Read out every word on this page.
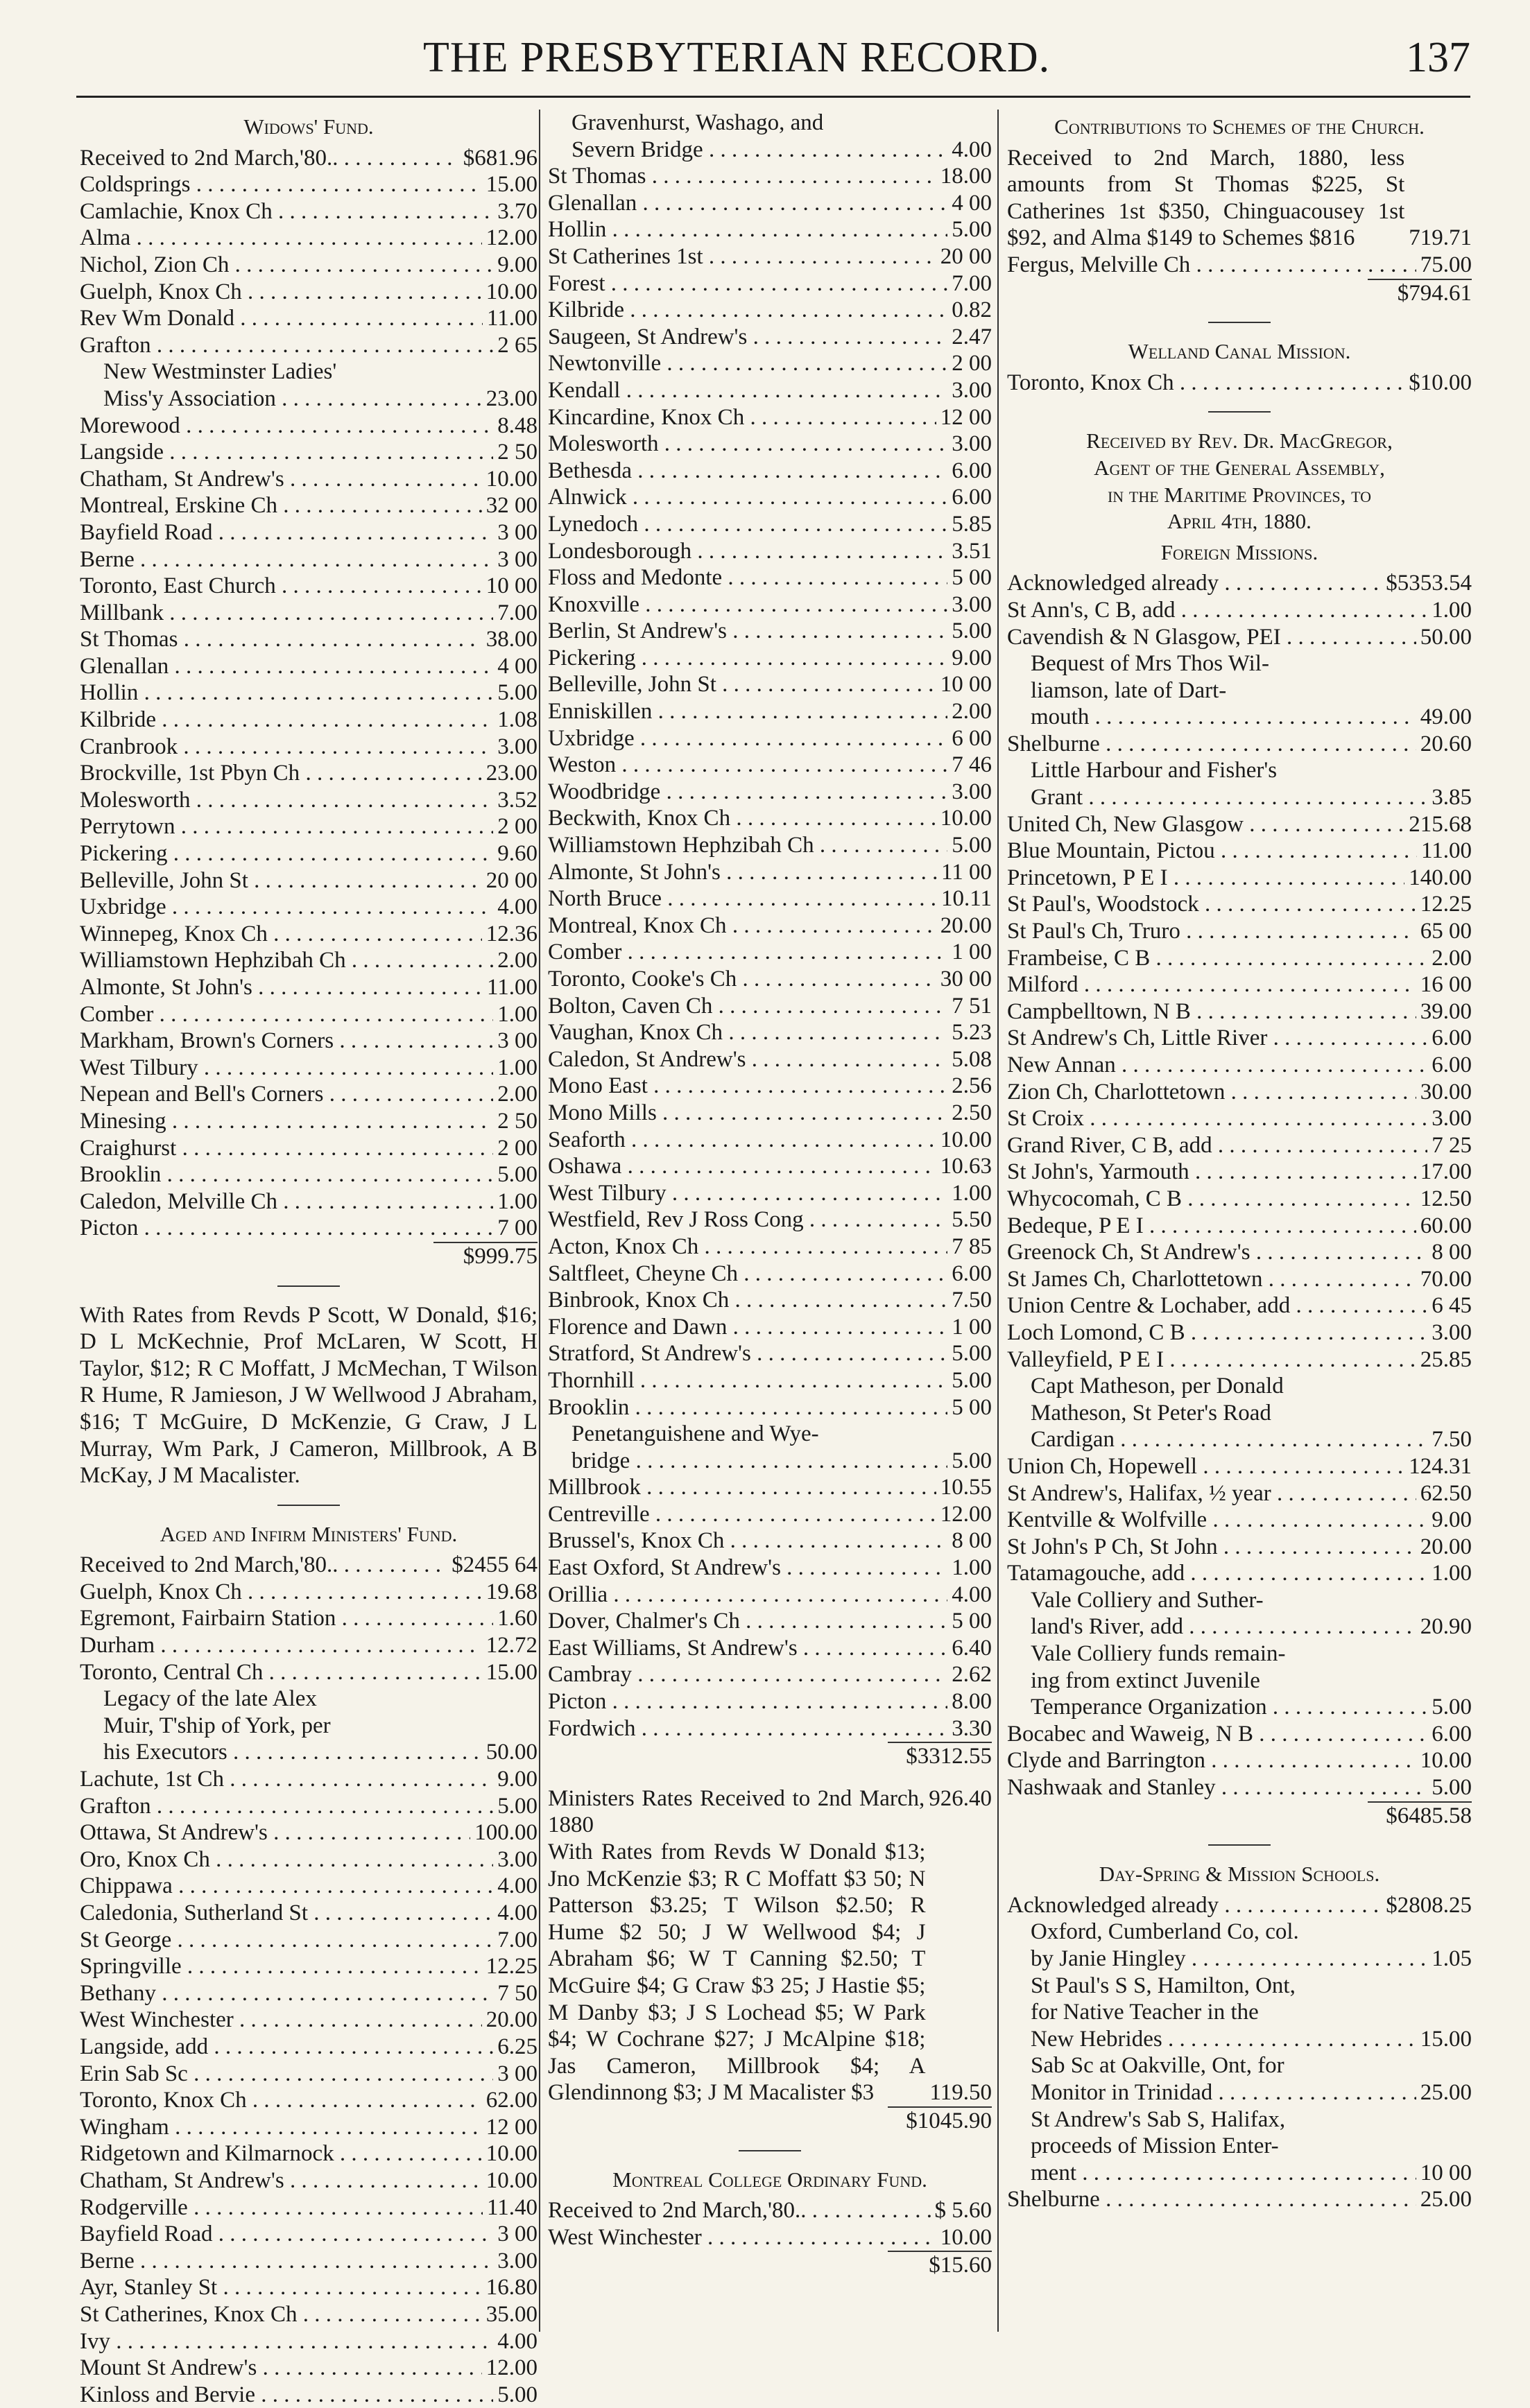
THE PRESBYTERIAN RECORD.	137
Widows' Fund.
Received to 2nd March,'80.. . . .	$681.96
Coldsprings . . .	15.00
Camlachie, Knox Ch . . .	3.70
Alma . . .	12.00
Nichol, Zion Ch . . .	9.00
Guelph, Knox Ch . . .	10.00
Rev Wm Donald . . .	11.00
Grafton . . .	2 65
New Westminster Ladies'
Miss'y Association . . .	23.00
Morewood . . .	8.48
Langside . . .	2 50
Chatham, St Andrew's . . .	10.00
Montreal, Erskine Ch . . .	32 00
Bayfield Road . . .	3 00
Berne . . .	3 00
Toronto, East Church . . .	10 00
Millbank . . .	7.00
St Thomas . . .	38.00
Glenallan . . .	4 00
Hollin . . .	5.00
Kilbride . . .	1.08
Cranbrook . . .	3.00
Brockville, 1st Pbyn Ch . . .	23.00
Molesworth . . .	3.52
Perrytown . . .	2 00
Pickering . . .	9.60
Belleville, John St . . .	20 00
Uxbridge . . .	4.00
Winnepeg, Knox Ch . . .	12.36
Williamstown Hephzibah Ch . . .	2.00
Almonte, St John's . . .	11.00
Comber . . .	1.00
Markham, Brown's Corners . . .	3 00
West Tilbury . . .	1.00
Nepean and Bell's Corners . . .	2.00
Minesing . . .	2 50
Craighurst . . .	2 00
Brooklin . . .	5.00
Caledon, Melville Ch . . .	1.00
Picton . . .	7 00
$999.75
With Rates from Revds P Scott, W Donald, $16; D L McKechnie, Prof McLaren, W Scott, H Taylor, $12; R C Moffatt, J McMechan, T Wilson R Hume, R Jamieson, J W Wellwood J Abraham, $16; T McGuire, D McKenzie, G Craw, J L Murray, Wm Park, J Cameron, Millbrook, A B McKay, J M Macalister.
Aged and Infirm Ministers' Fund.
Received to 2nd March,'80.. . . .	$2455 64
Guelph, Knox Ch . . .	19.68
Egremont, Fairbairn Station . . .	1.60
Durham . . .	12.72
Toronto, Central Ch . . .	15.00
Legacy of the late Alex
Muir, T'ship of York, per
his Executors . . .	50.00
Lachute, 1st Ch . . .	9.00
Grafton . . .	5.00
Ottawa, St Andrew's . . .	100.00
Oro, Knox Ch . . .	3.00
Chippawa . . .	4.00
Caledonia, Sutherland St . . .	4.00
St George . . .	7.00
Springville . . .	12.25
Bethany . . .	7 50
West Winchester . . .	20.00
Langside, add . . .	6.25
Erin Sab Sc . . .	3 00
Toronto, Knox Ch . . .	62.00
Wingham . . .	12 00
Ridgetown and Kilmarnock . . .	10.00
Chatham, St Andrew's . . .	10.00
Rodgerville . . .	11.40
Bayfield Road . . .	3 00
Berne . . .	3.00
Ayr, Stanley St . . .	16.80
St Catherines, Knox Ch . . .	35.00
Ivy . . .	4.00
Mount St Andrew's . . .	12.00
Kinloss and Bervie . . .	5.00
Gravenhurst, Washago, and
Severn Bridge . . .	4.00
St Thomas . . .	18.00
Glenallan . . .	4 00
Hollin . . .	5.00
St Catherines 1st . . .	20 00
Forest . . .	7.00
Kilbride . . .	0.82
Saugeen, St Andrew's . . .	2.47
Newtonville . . .	2 00
Kendall . . .	3.00
Kincardine, Knox Ch . . .	12 00
Molesworth . . .	3.00
Bethesda . . .	6.00
Alnwick . . .	6.00
Lynedoch . . .	5.85
Londesborough . . .	3.51
Floss and Medonte . . .	5 00
Knoxville . . .	3.00
Berlin, St Andrew's . . .	5.00
Pickering . . .	9.00
Belleville, John St . . .	10 00
Enniskillen . . .	2.00
Uxbridge . . .	6 00
Weston . . .	7 46
Woodbridge . . .	3.00
Beckwith, Knox Ch . . .	10.00
Williamstown Hephzibah Ch . . .	5.00
Almonte, St John's . . .	11 00
North Bruce . . .	10.11
Montreal, Knox Ch . . .	20.00
Comber . . .	1 00
Toronto, Cooke's Ch . . .	30 00
Bolton, Caven Ch . . .	7 51
Vaughan, Knox Ch . . .	5.23
Caledon, St Andrew's . . .	5.08
Mono East . . .	2.56
Mono Mills . . .	2.50
Seaforth . . .	10.00
Oshawa . . .	10.63
West Tilbury . . .	1.00
Westfield, Rev J Ross Cong . . .	5.50
Acton, Knox Ch . . .	7 85
Saltfleet, Cheyne Ch . . .	6.00
Binbrook, Knox Ch . . .	7.50
Florence and Dawn . . .	1 00
Stratford, St Andrew's . . .	5.00
Thornhill . . .	5.00
Brooklin . . .	5 00
Penetanguishene and Wye-
bridge . . .	5.00
Millbrook . . .	10.55
Centreville . . .	12.00
Brussel's, Knox Ch . . .	8 00
East Oxford, St Andrew's . . .	1.00
Orillia . . .	4.00
Dover, Chalmer's Ch . . .	5 00
East Williams, St Andrew's . . .	6.40
Cambray . . .	2.62
Picton . . .	8.00
Fordwich . . .	3.30
$3312.55
Ministers Rates Received to 2nd March, 1880
926.40
With Rates from Revds W Donald $13; Jno McKenzie $3; R C Moffatt $3 50; N Patterson $3.25; T Wilson $2.50; R Hume $2 50; J W Wellwood $4; J Abraham $6; W T Canning $2.50; T McGuire $4; G Craw $3 25; J Hastie $5; M Danby $3; J S Lochead $5; W Park $4; W Cochrane $27; J McAlpine $18; Jas Cameron, Millbrook $4; A Glendinnong $3; J M Macalister $3	119.50
$1045.90
Montreal College Ordinary Fund.
Received to 2nd March,'80.. . . .	$ 5.60
West Winchester . . .	10.00
$15.60
Contributions to Schemes of the Church.
Received to 2nd March, 1880, less amounts from St Thomas $225, St Catherines 1st $350, Chinguacousey 1st $92, and Alma $149 to Schemes $816	719.71
Fergus, Melville Ch . . .	75.00
$794.61
Welland Canal Mission.
Toronto, Knox Ch . . .	$10.00
Received by Rev. Dr. MacGregor,
Agent of the General Assembly,
in the Maritime Provinces, to
April 4th, 1880.
Foreign Missions.
Acknowledged already . . .	$5353.54
St Ann's, C B, add . . .	1.00
Cavendish & N Glasgow, PEI . . .	50.00
Bequest of Mrs Thos Wil-
liamson, late of Dart-
mouth . . .	49.00
Shelburne . . .	20.60
Little Harbour and Fisher's
Grant . . .	3.85
United Ch, New Glasgow . . .	215.68
Blue Mountain, Pictou . . .	11.00
Princetown, P E I . . .	140.00
St Paul's, Woodstock . . .	12.25
St Paul's Ch, Truro . . .	65 00
Frambeise, C B . . .	2.00
Milford . . .	16 00
Campbelltown, N B . . .	39.00
St Andrew's Ch, Little River . . .	6.00
New Annan . . .	6.00
Zion Ch, Charlottetown . . .	30.00
St Croix . . .	3.00
Grand River, C B, add . . .	7 25
St John's, Yarmouth . . .	17.00
Whycocomah, C B . . .	12.50
Bedeque, P E I . . .	60.00
Greenock Ch, St Andrew's . . .	8 00
St James Ch, Charlottetown . . .	70.00
Union Centre & Lochaber, add . . .	6 45
Loch Lomond, C B . . .	3.00
Valleyfield, P E I . . .	25.85
Capt Matheson, per Donald
Matheson, St Peter's Road
Cardigan . . .	7.50
Union Ch, Hopewell . . .	124.31
St Andrew's, Halifax, ½ year . . .	62.50
Kentville & Wolfville . . .	9.00
St John's P Ch, St John . . .	20.00
Tatamagouche, add . . .	1.00
Vale Colliery and Suther-
land's River, add . . .	20.90
Vale Colliery funds remain-
ing from extinct Juvenile
Temperance Organization . . .	5.00
Bocabec and Waweig, N B . . .	6.00
Clyde and Barrington . . .	10.00
Nashwaak and Stanley . . .	5.00
$6485.58
Day-Spring & Mission Schools.
Acknowledged already . . .	$2808.25
Oxford, Cumberland Co, col.
by Janie Hingley . . .	1.05
St Paul's S S, Hamilton, Ont,
for Native Teacher in the
New Hebrides . . .	15.00
Sab Sc at Oakville, Ont, for
Monitor in Trinidad . . .	25.00
St Andrew's Sab S, Halifax,
proceeds of Mission Enter-
ment . . .	10 00
Shelburne . . .	25.00
